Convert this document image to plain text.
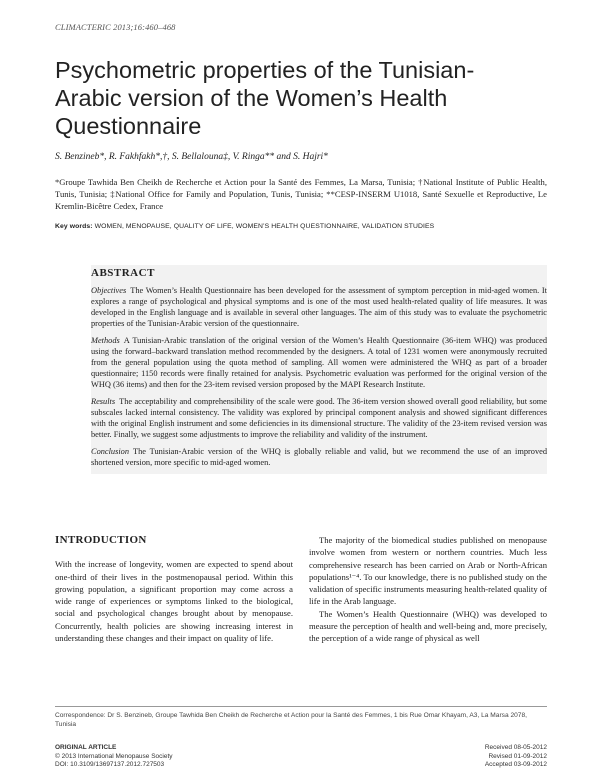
CLIMACTERIC 2013;16:460–468
Psychometric properties of the Tunisian-Arabic version of the Women’s Health Questionnaire
S. Benzineb*, R. Fakhfakh*,†, S. Bellalouna‡, V. Ringa** and S. Hajri*
*Groupe Tawhida Ben Cheikh de Recherche et Action pour la Santé des Femmes, La Marsa, Tunisia; †National Institute of Public Health, Tunis, Tunisia; ‡National Office for Family and Population, Tunis, Tunisia; **CESP-INSERM U1018, Santé Sexuelle et Reproductive, Le Kremlin-Bicêtre Cedex, France
Key words: WOMEN, MENOPAUSE, QUALITY OF LIFE, WOMEN’S HEALTH QUESTIONNAIRE, VALIDATION STUDIES
ABSTRACT

Objectives The Women’s Health Questionnaire has been developed for the assessment of symptom perception in mid-aged women. It explores a range of psychological and physical symptoms and is one of the most used health-related quality of life measures. It was developed in the English language and is available in several other languages. The aim of this study was to evaluate the psychometric properties of the Tunisian-Arabic version of the questionnaire.

Methods A Tunisian-Arabic translation of the original version of the Women’s Health Questionnaire (36-item WHQ) was produced using the forward–backward translation method recommended by the designers. A total of 1231 women were anonymously recruited from the general population using the quota method of sampling. All women were administered the WHQ as part of a broader questionnaire; 1150 records were finally retained for analysis. Psychometric evaluation was performed for the original version of the WHQ (36 items) and then for the 23-item revised version proposed by the MAPI Research Institute.

Results The acceptability and comprehensibility of the scale were good. The 36-item version showed overall good reliability, but some subscales lacked internal consistency. The validity was explored by principal component analysis and showed significant differences with the original English instrument and some deficiencies in its dimensional structure. The validity of the 23-item revised version was better. Finally, we suggest some adjustments to improve the reliability and validity of the instrument.

Conclusion The Tunisian-Arabic version of the WHQ is globally reliable and valid, but we recommend the use of an improved shortened version, more specific to mid-aged women.

INTRODUCTION

With the increase of longevity, women are expected to spend about one-third of their lives in the postmenopausal period. Within this growing population, a significant proportion may come across a wide range of experiences or symptoms linked to the biological, social and psychological changes brought about by menopause. Concurrently, health policies are showing increasing interest in understanding these changes and their impact on quality of life.

The majority of the biomedical studies published on menopause involve women from western or northern countries. Much less comprehensive research has been carried on Arab or North-African populations¹⁻⁴. To our knowledge, there is no published study on the validation of specific instruments measuring health-related quality of life in the Arab language.

The Women’s Health Questionnaire (WHQ) was developed to measure the perception of health and well-being and, more precisely, the perception of a wide range of physical as well

Correspondence: Dr S. Benzineb, Groupe Tawhida Ben Cheikh de Recherche et Action pour la Santé des Femmes, 1 bis Rue Omar Khayam, A3, La Marsa 2078, Tunisia
ORIGINAL ARTICLE
© 2013 International Menopause Society
DOI: 10.3109/13697137.2012.727503
Received 08-05-2012
Revised 01-09-2012
Accepted 03-09-2012
